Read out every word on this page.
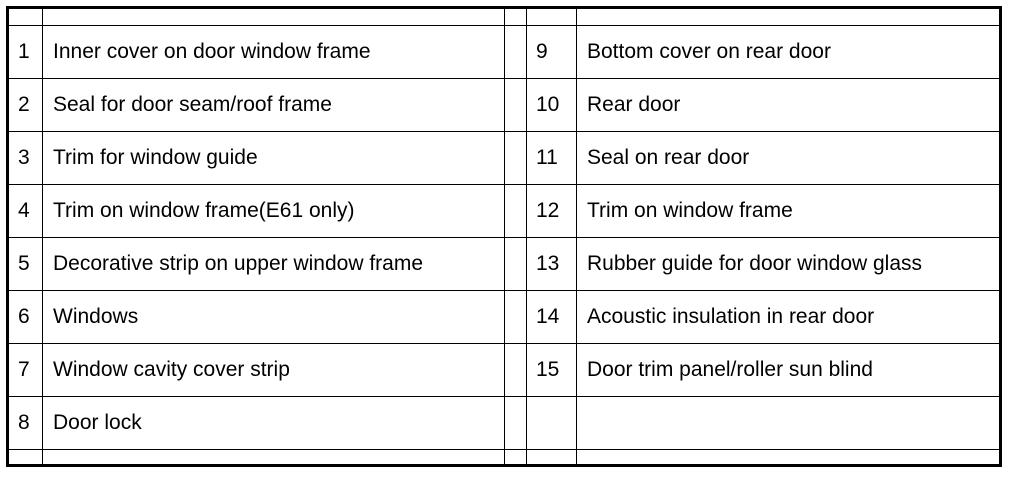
1	Inner cover on door window frame		9	Bottom cover on rear door
2	Seal for door seam/roof frame		10	Rear door
3	Trim for window guide		11	Seal on rear door
4	Trim on window frame(E61 only)		12	Trim on window frame
5	Decorative strip on upper window frame		13	Rubber guide for door window glass
6	Windows		14	Acoustic insulation in rear door
7	Window cavity cover strip		15	Door trim panel/roller sun blind
8	Door lock			
